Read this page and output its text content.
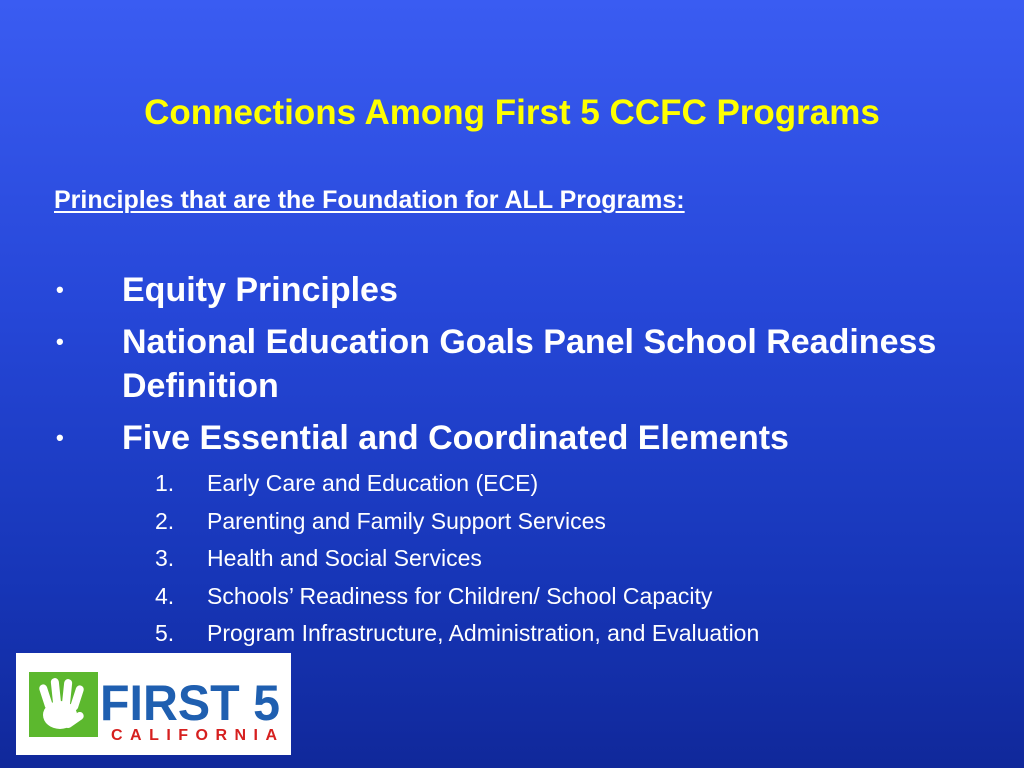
Connections Among First 5 CCFC Programs
Principles that are the Foundation for ALL Programs:
•	Equity Principles
•	National Education Goals Panel School Readiness Definition
•	Five Essential and Coordinated Elements
1.	Early Care and Education (ECE)
2.	Parenting and Family Support Services
3.	Health and Social Services
4.	Schools’ Readiness for Children/ School Capacity
5.	Program Infrastructure, Administration, and Evaluation
FIRST 5
CALIFORNIA
